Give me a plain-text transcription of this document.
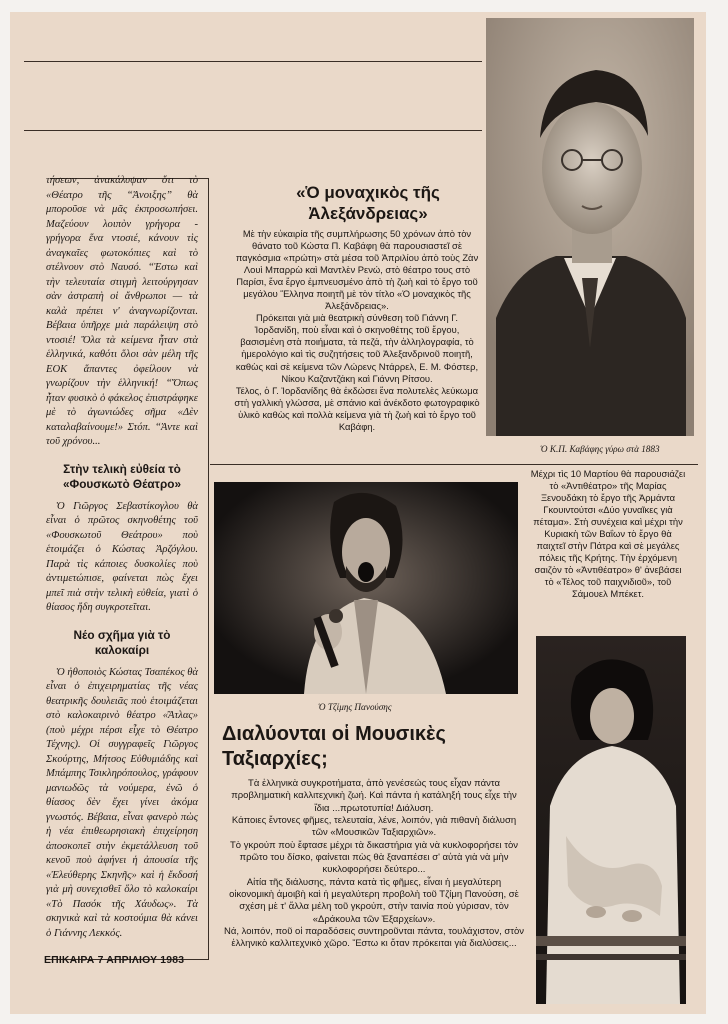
τήσεων, ἀνακάλυψαν ὅτι τὸ «Θέατρο τῆς “Ἀνοιξης” θὰ μποροῦσε νὰ μᾶς ἐκπροσωπήσει. Μαζεύουν λοιπὸν γρήγορα - γρήγορα ἕνα ντοσιέ, κάνουν τὶς ἀναγκαῖες φωτοκόπιες καὶ τὸ στέλνουν στὸ Ναυσό. “Ἐστω καὶ τὴν τελευταία στιγμὴ λειτούργησαν σὰν ἀστραπὴ οἱ ἄνθρωποι — τὰ καλὰ πρέπει ν' ἀναγνωρίζονται. Βέβαια ὑπῆρχε μιὰ παράλειψη στὸ ντοσιέ! Ὅλα τὰ κείμενα ἦταν στὰ ἑλληνικά, καθότι ὅλοι σὰν μέλη τῆς ΕΟΚ ἅπαντες ὀφείλουν νὰ γνωρίζουν τὴν ἑλληνική! “Ὅπως ἦταν φυσικὸ ὁ φάκελος ἐπιστράφηκε μὲ τὸ ἀγωνιώδες σῆμα «Δὲν καταλαβαίνουμε!» Στόπ. “Ἀντε καὶ τοῦ χρόνου...

Στὴν τελικὴ εὐθεία τὸ «Φουσκωτὸ Θέατρο»

Ὁ Γιῶργος Σεβαστίκογλου θὰ εἶναι ὁ πρῶτος σκηνοθέτης τοῦ «Φουσκωτοῦ Θεάτρου» ποὺ ἑτοιμάζει ὁ Κώστας Ἀρζόγλου. Παρὰ τὶς κάποιες δυσκολίες ποὺ ἀντιμετώπισε, φαίνεται πὼς ἔχει μπεῖ πιὰ στὴν τελικὴ εὐθεία, γιατὶ ὁ θίασος ἤδη συγκροτεῖται.

Νέο σχῆμα γιὰ τὸ καλοκαίρι

Ὁ ἠθοποιὸς Κώστας Τσαπέκος θὰ εἶναι ὁ ἐπιχειρηματίας τῆς νέας θεατρικῆς δουλειᾶς ποὺ ἑτοιμάζεται στὸ καλοκαιρινὸ θέατρο «Ἄτλας» (ποὺ μέχρι πέρσι εἶχε τὸ Θέατρο Τέχνης). Οἱ συγγραφεῖς Γιῶργος Σκούρτης, Μήτσος Εὐθυμιάδης καὶ Μπάμπης Τσικληρόπουλος, γράφουν μανιωδῶς τὰ νούμερα, ἐνῶ ὁ θίασος δὲν ἔχει γίνει ἀκόμα γνωστός. Βέβαια, εἶναι φανερὸ πὼς ἡ νέα ἐπιθεωρησιακὴ ἐπιχείρηση ἀποσκοπεῖ στὴν ἐκμετάλλευση τοῦ κενοῦ ποὺ ἀφήνει ἡ ἀπουσία τῆς «Ἐλεύθερης Σκηνῆς» καὶ ἡ ἔκδοσή γιὰ μὴ συνεχισθεῖ ὅλο τὸ καλοκαίρι «Τὸ Πασόκ τῆς Χάυδως». Τὰ σκηνικὰ καὶ τὰ κοστούμια θὰ κάνει ὁ Γιάννης Λεκκός.

«Ὁ μοναχικὸς τῆς Ἀλεξάνδρειας»

Μὲ τὴν εὐκαιρία τῆς συμπλήρωσης 50 χρόνων ἀπὸ τὸν θάνατο τοῦ Κώστα Π. Καβάφη θὰ παρουσιαστεῖ σὲ παγκόσμια «πρώτη» στὰ μέσα τοῦ Ἀπριλίου ἀπὸ τοὺς Ζὰν Λουὶ Μπαρρὼ καὶ Μαντλὲν Ρενώ, στὸ θέατρο τους στὸ Παρίσι, ἕνα ἔργο ἐμπνευσμένο ἀπὸ τὴ ζωὴ καὶ τὸ ἔργο τοῦ μεγάλου Ἕλληνα ποιητῆ μὲ τὸν τίτλο «Ὁ μοναχικὸς τῆς Ἀλεξάνδρειας».

Πρόκειται γιὰ μιὰ θεατρικὴ σύνθεση τοῦ Γιάννη Γ. Ἰορδανίδη, ποὺ εἶναι καὶ ὁ σκηνοθέτης τοῦ ἔργου, βασισμένη στὰ ποιήματα, τὰ πεζά, τὴν ἀλληλογραφία, τὸ ἡμερολόγιο καὶ τὶς συζητήσεις τοῦ Ἀλεξανδρινοῦ ποιητῆ, καθὼς καὶ σὲ κείμενα τῶν Λώρενς Ντάρρελ, Ε. Μ. Φόστερ, Νίκου Καζαντζάκη καὶ Γιάννη Ρίτσου.

Τέλος, ὁ Γ. Ἰορδανίδης θὰ ἐκδώσει ἕνα πολυτελὲς λεύκωμα στὴ γαλλικὴ γλώσσα, μὲ σπάνιο καὶ ἀνέκδοτο φωτογραφικὸ ὑλικὸ καθὼς καὶ πολλὰ κείμενα γιὰ τὴ ζωὴ καὶ τὸ ἔργο τοῦ Καβάφη.

Ὁ Κ.Π. Καβάφης γύρω στὰ 1883
Ὁ Τζίμης Πανούσης
Μέχρι τὶς 10 Μαρτίου θὰ παρουσιάζει τὸ «Ἀντιθέατρο» τῆς Μαρίας Ξενουδάκη τὸ ἔργο τῆς Ἀρμάντα Γκουιντούτσι «Δύο γυναῖκες γιὰ πέταμα». Στὴ συνέχεια καὶ μέχρι τὴν Κυριακὴ τῶν Βαΐων τὸ ἔργο θὰ παιχτεῖ στὴν Πάτρα καὶ σὲ μεγάλες πόλεις τῆς Κρήτης. Τὴν ἐρχόμενη σαιζὸν τὸ «Ἀντιθέατρο» θ' ἀνεβάσει τὸ «Τέλος τοῦ παιχνιδιοῦ», τοῦ Σάμουελ Μπέκετ.
Διαλύονται οἱ Μουσικὲς Ταξιαρχίες;

Τὰ ἑλληνικὰ συγκροτήματα, ἀπὸ γενέσεώς τους εἶχαν πάντα προβληματικὴ καλλιτεχνικὴ ζωή. Καὶ πάντα ἡ κατάληξή τους εἶχε τὴν ἴδια ...πρωτοτυπία! Διάλυση.

Κάποιες ἔντονες φῆμες, τελευταία, λένε, λοιπόν, γιὰ πιθανὴ διάλυση τῶν «Μουσικῶν Ταξιαρχιῶν».

Τὸ γκρούπ ποὺ ἔφτασε μέχρι τὰ δικαστήρια γιὰ νὰ κυκλοφορήσει τὸν πρῶτο του δίσκο, φαίνεται πὼς θὰ ξαναπέσει σ' αὐτὰ γιὰ νὰ μὴν κυκλοφορήσει δεύτερο...

Αἰτία τῆς διάλυσης, πάντα κατὰ τὶς φῆμες, εἶναι ἡ μεγαλύτερη οἰκονομικὴ ἀμοιβὴ καὶ ἡ μεγαλύτερη προβολὴ τοῦ Τζίμη Πανούση, σὲ σχέση μὲ τ' ἄλλα μέλη τοῦ γκρούπ, στὴν ταινία ποὺ γύρισαν, τὸν «Δράκουλα τῶν Ἐξαρχείων».

Νά, λοιπόν, ποῦ οἱ παραδόσεις συντηροῦνται πάντα, τουλάχιστον, στὸν ἑλληνικὸ καλλιτεχνικὸ χῶρο. Ἔστω κι ὅταν πρόκειται γιὰ διαλύσεις...

ΕΠΙΚΑΙΡΑ 7 ΑΠΡΙΛΙΟΥ 1983
